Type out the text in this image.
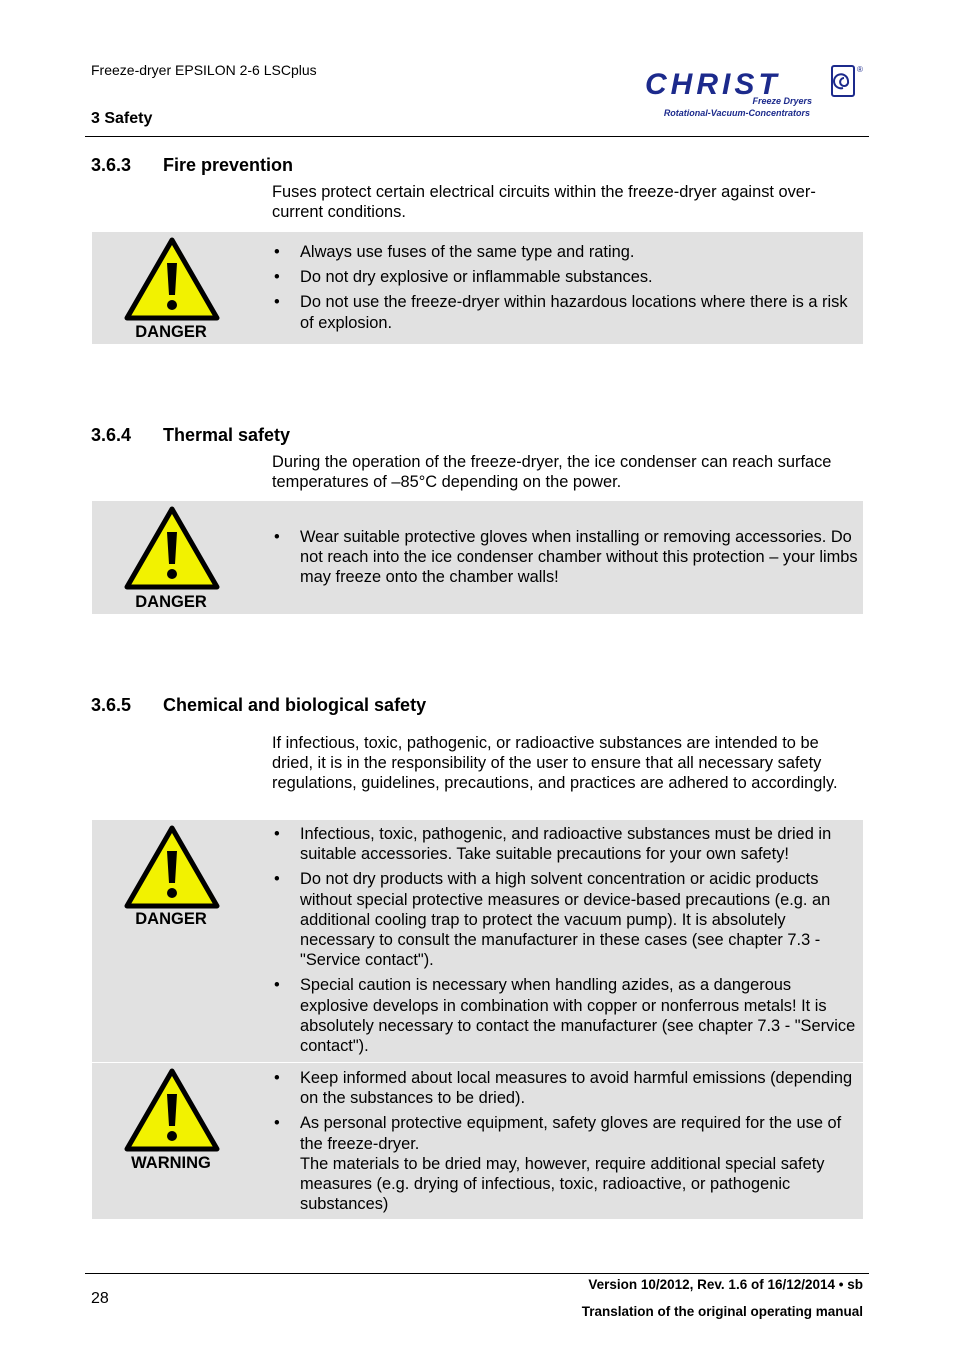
Freeze-dryer EPSILON 2-6 LSCplus
3 Safety
CHRIST	®
Freeze Dryers
Rotational-Vacuum-Concentrators
3.6.3 Fire prevention
Fuses protect certain electrical circuits within the freeze-dryer against over-current conditions.
DANGER
• Always use fuses of the same type and rating.
• Do not dry explosive or inflammable substances.
• Do not use the freeze-dryer within hazardous locations where there is a risk of explosion.
3.6.4 Thermal safety
During the operation of the freeze-dryer, the ice condenser can reach surface temperatures of –85°C depending on the power.
DANGER
• Wear suitable protective gloves when installing or removing accessories. Do not reach into the ice condenser chamber without this protection – your limbs may freeze onto the chamber walls!
3.6.5 Chemical and biological safety
If infectious, toxic, pathogenic, or radioactive substances are intended to be dried, it is in the responsibility of the user to ensure that all necessary safety regulations, guidelines, precautions, and practices are adhered to accordingly.
DANGER
• Infectious, toxic, pathogenic, and radioactive substances must be dried in suitable accessories. Take suitable precautions for your own safety!
• Do not dry products with a high solvent concentration or acidic products without special protective measures or device-based precautions (e.g. an additional cooling trap to protect the vacuum pump). It is absolutely necessary to consult the manufacturer in these cases (see chapter 7.3 - "Service contact").
• Special caution is necessary when handling azides, as a dangerous explosive develops in combination with copper or nonferrous metals! It is absolutely necessary to contact the manufacturer (see chapter 7.3 - "Service contact").
WARNING
• Keep informed about local measures to avoid harmful emissions (depending on the substances to be dried).
• As personal protective equipment, safety gloves are required for the use of the freeze-dryer.
The materials to be dried may, however, require additional special safety measures (e.g. drying of infectious, toxic, radioactive, or pathogenic substances)
28
Version 10/2012, Rev. 1.6 of 16/12/2014 • sb
Translation of the original operating manual
